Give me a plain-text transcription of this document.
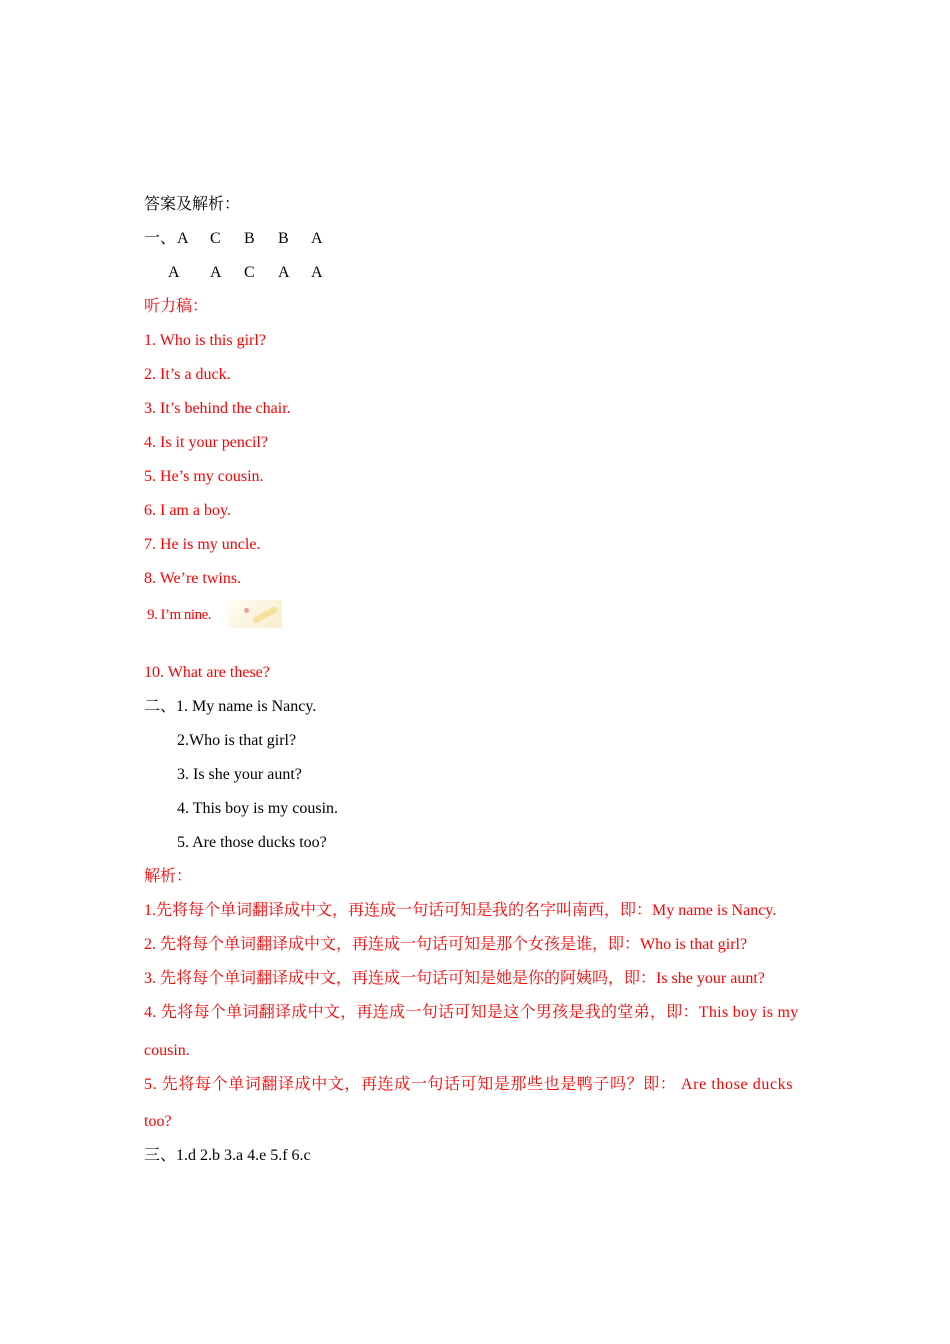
答案及解析：
一、 A C B B A
A A C A A
听力稿：
1. Who is this girl?
2. It’s a duck.
3. It’s behind the chair.
4. Is it your pencil?
5. He’s my cousin.
6. I am a boy.
7. He is my uncle.
8. We’re twins.
9. I’m nine.
10. What are these?
二、1. My name is Nancy.
2.Who is that girl?
3. Is she your aunt?
4. This boy is my cousin.
5. Are those ducks too?
解析：
1.先将每个单词翻译成中文，再连成一句话可知是我的名字叫南西，即：My name is Nancy.
2. 先将每个单词翻译成中文，再连成一句话可知是那个女孩是谁，即：Who is that girl?
3. 先将每个单词翻译成中文，再连成一句话可知是她是你的阿姨吗，即：Is she your aunt?
4. 先将每个单词翻译成中文，再连成一句话可知是这个男孩是我的堂弟，即：This boy is my
cousin.
5. 先将每个单词翻译成中文，再连成一句话可知是那些也是鸭子吗？即： Are those ducks
too?
三、1.d 2.b 3.a 4.e 5.f 6.c
